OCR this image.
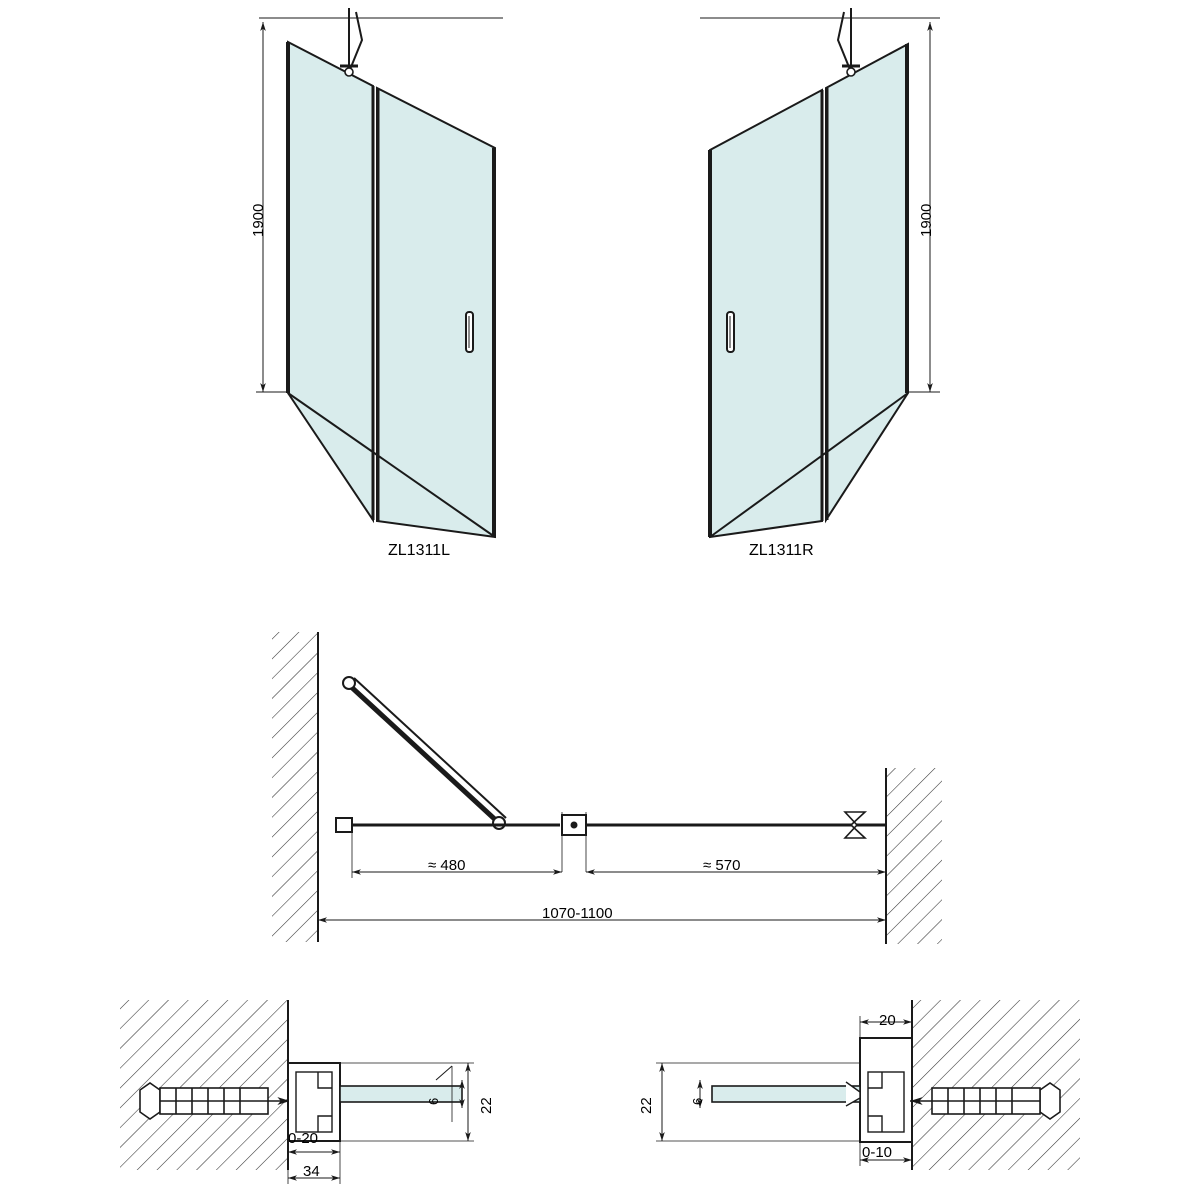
1900	1900
ZL1311L	ZL1311R
≈ 480	≈ 570
1070-1100
6 22
0-20
34
20
22	6
0-10
